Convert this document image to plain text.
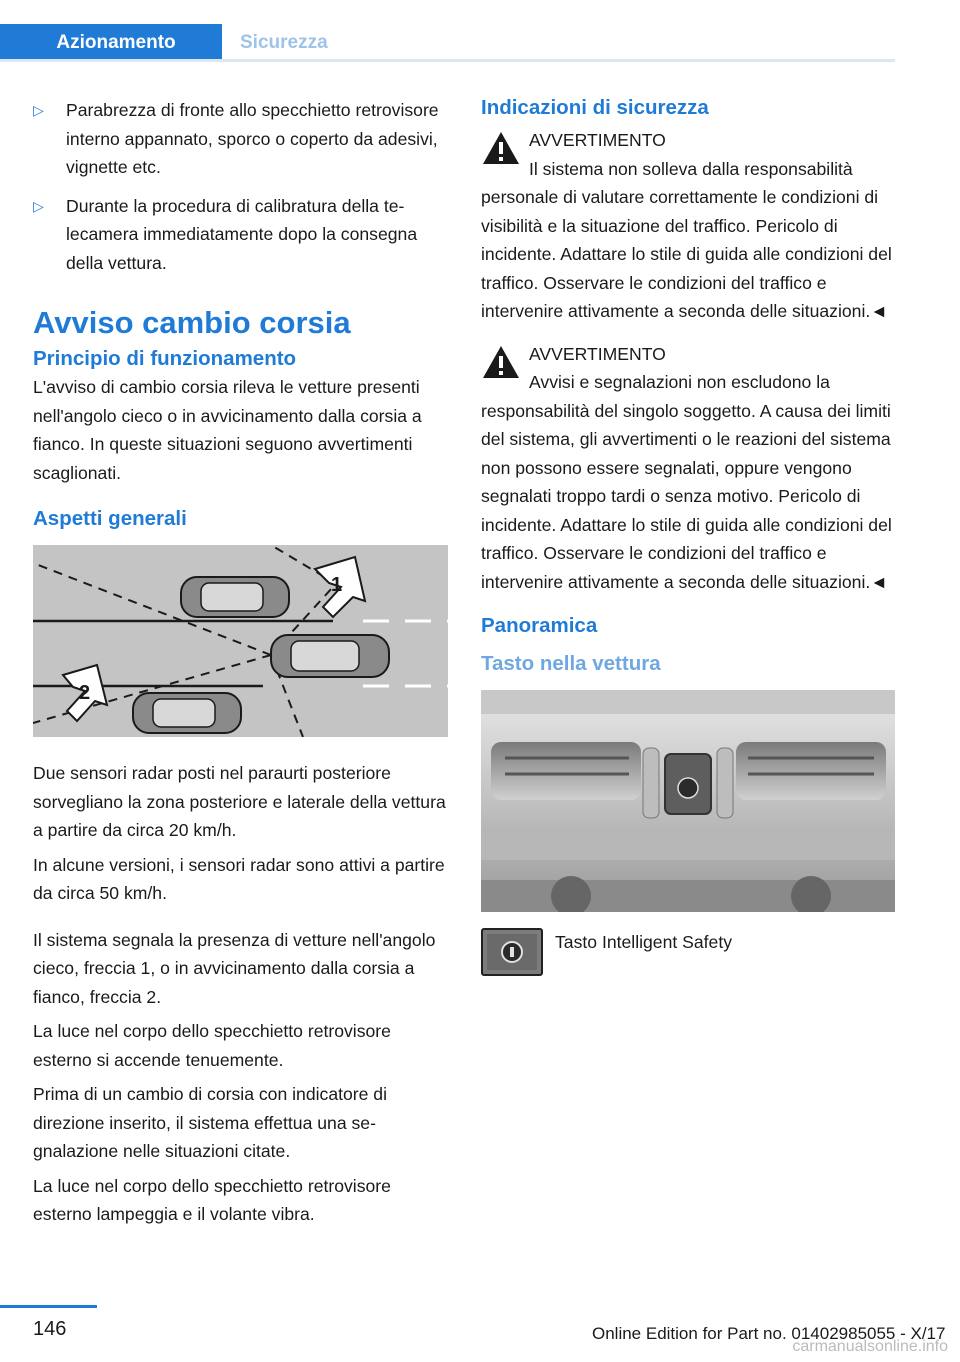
Azionamento	Sicurezza
▷ Parabrezza di fronte allo specchietto retrovisore interno appannato, sporco o coperto da adesivi, vignette etc.
▷ Durante la procedura di calibratura della telecamera immediatamente dopo la consegna della vettura.
Avviso cambio corsia
Principio di funzionamento

L'avviso di cambio corsia rileva le vetture presenti nell'angolo cieco o in avvicinamento dalla corsia a fianco. In queste situazioni seguono avvertimenti scaglionati.

Aspetti generali
1
2

Due sensori radar posti nel paraurti posteriore sorvegliano la zona posteriore e laterale della vettura a partire da circa 20 km/h.

In alcune versioni, i sensori radar sono attivi a partire da circa 50 km/h.

Il sistema segnala la presenza di vetture nell'angolo cieco, freccia 1, o in avvicinamento dalla corsia a fianco, freccia 2.

La luce nel corpo dello specchietto retrovisore esterno si accende tenuemente.

Prima di un cambio di corsia con indicatore di direzione inserito, il sistema effettua una segnalazione nelle situazioni citate.

La luce nel corpo dello specchietto retrovisore esterno lampeggia e il volante vibra.

Indicazioni di sicurezza
AVVERTIMENTO
Il sistema non solleva dalla responsabilità personale di valutare correttamente le condizioni di visibilità e la situazione del traffico. Pericolo di incidente. Adattare lo stile di guida alle condizioni del traffico. Osservare le condizioni del traffico e intervenire attivamente a seconda delle situazioni.◄
AVVERTIMENTO
Avvisi e segnalazioni non escludono la responsabilità del singolo soggetto. A causa dei limiti del sistema, gli avvertimenti o le reazioni del sistema non possono essere segnalati, oppure vengono segnalati troppo tardi o senza motivo. Pericolo di incidente. Adattare lo stile di guida alle condizioni del traffico. Osservare le condizioni del traffico e intervenire attivamente a seconda delle situazioni.◄
Panoramica
Tasto nella vettura
Tasto Intelligent Safety
146	Online Edition for Part no. 01402985055 - X/17
carmanualsonline.info
